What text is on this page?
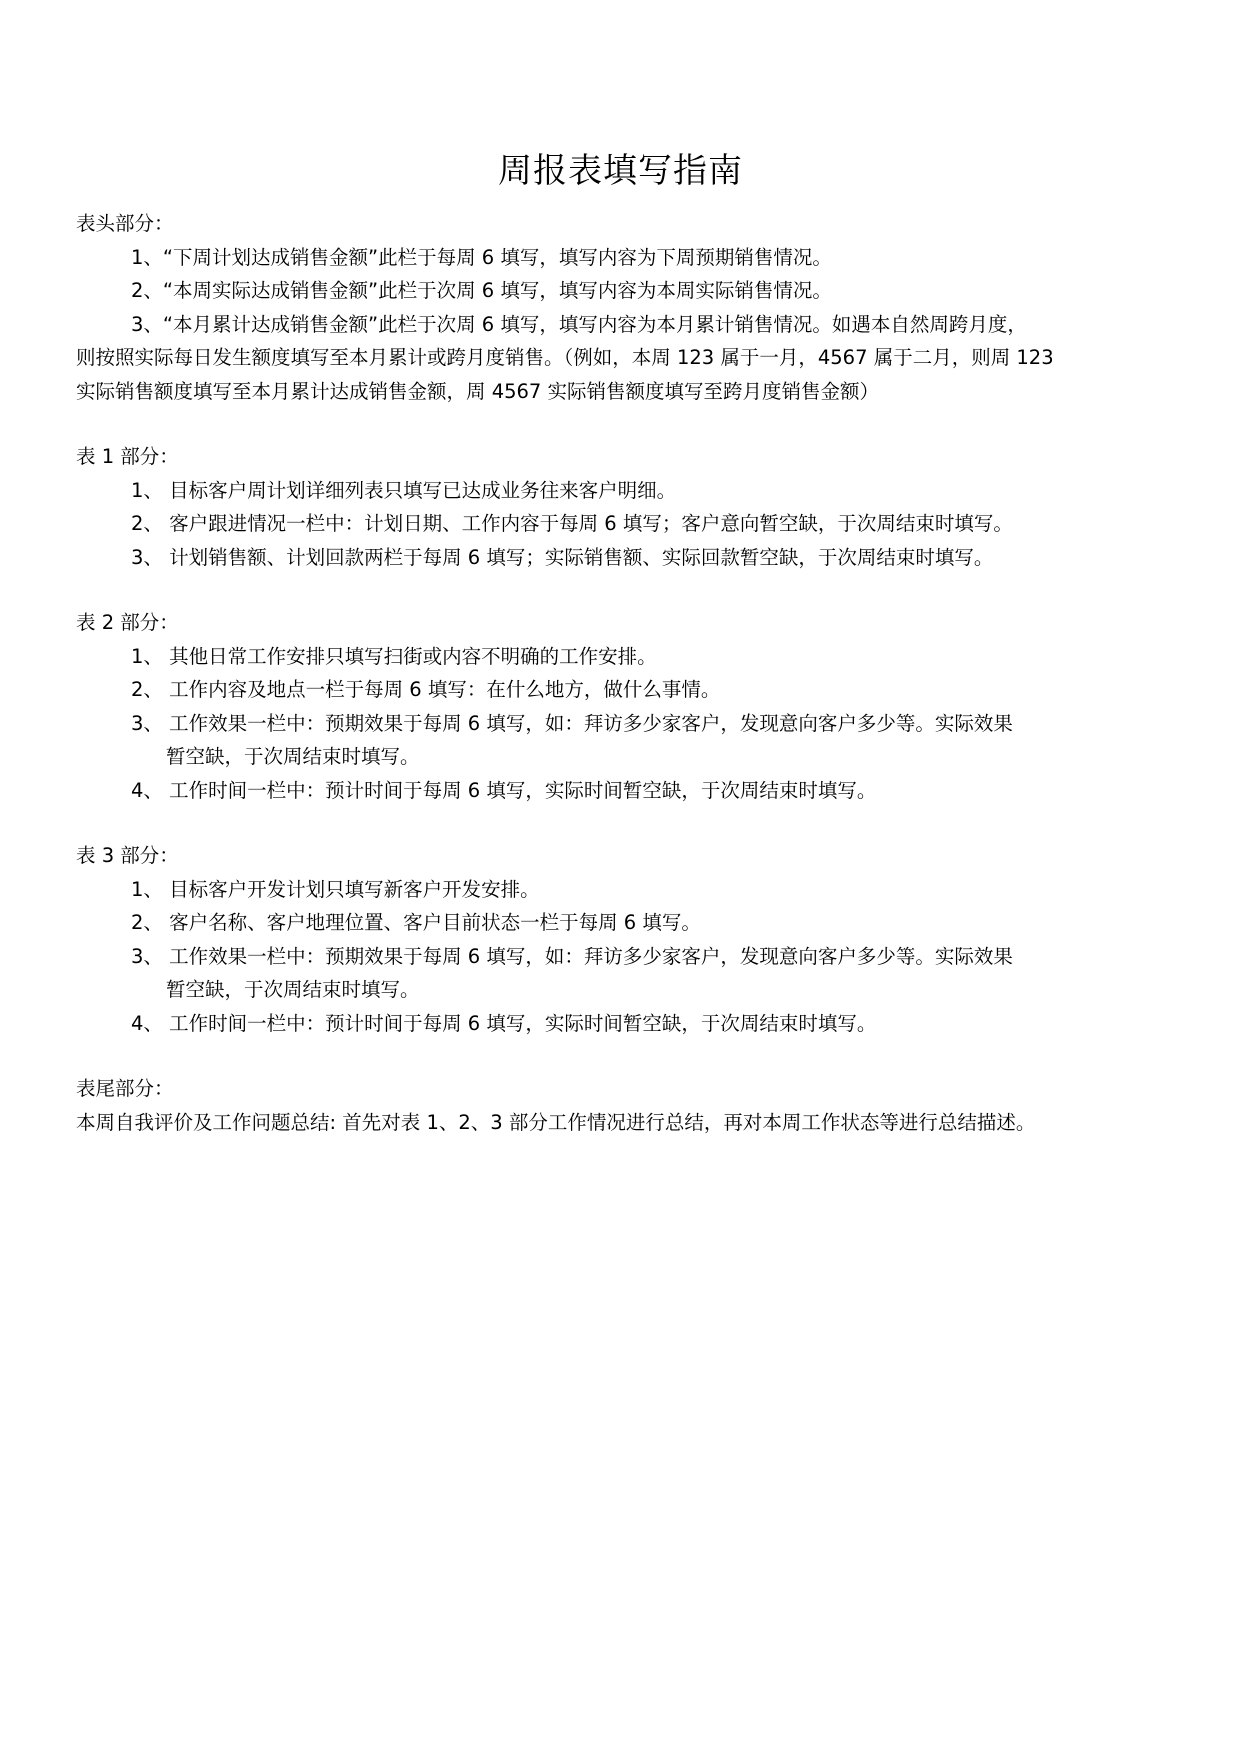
周报表填写指南
表头部分：
1、“下周计划达成销售金额”此栏于每周 6 填写，填写内容为下周预期销售情况。
2、“本周实际达成销售金额”此栏于次周 6 填写，填写内容为本周实际销售情况。
3、“本月累计达成销售金额”此栏于次周 6 填写，填写内容为本月累计销售情况。如遇本自然周跨月度，
则按照实际每日发生额度填写至本月累计或跨月度销售。（例如，本周 123 属于一月，4567 属于二月，则周 123
实际销售额度填写至本月累计达成销售金额，周 4567 实际销售额度填写至跨月度销售金额）
表 1 部分：
1、 目标客户周计划详细列表只填写已达成业务往来客户明细。
2、 客户跟进情况一栏中：计划日期、工作内容于每周 6 填写；客户意向暂空缺，于次周结束时填写。
3、 计划销售额、计划回款两栏于每周 6 填写；实际销售额、实际回款暂空缺，于次周结束时填写。
表 2 部分：
1、 其他日常工作安排只填写扫街或内容不明确的工作安排。
2、 工作内容及地点一栏于每周 6 填写：在什么地方，做什么事情。
3、 工作效果一栏中：预期效果于每周 6 填写，如：拜访多少家客户，发现意向客户多少等。实际效果
暂空缺，于次周结束时填写。
4、 工作时间一栏中：预计时间于每周 6 填写，实际时间暂空缺，于次周结束时填写。
表 3 部分：
1、 目标客户开发计划只填写新客户开发安排。
2、 客户名称、客户地理位置、客户目前状态一栏于每周 6 填写。
3、 工作效果一栏中：预期效果于每周 6 填写，如：拜访多少家客户，发现意向客户多少等。实际效果
暂空缺，于次周结束时填写。
4、 工作时间一栏中：预计时间于每周 6 填写，实际时间暂空缺，于次周结束时填写。
表尾部分：
本周自我评价及工作问题总结: 首先对表 1、2、3 部分工作情况进行总结，再对本周工作状态等进行总结描述。
